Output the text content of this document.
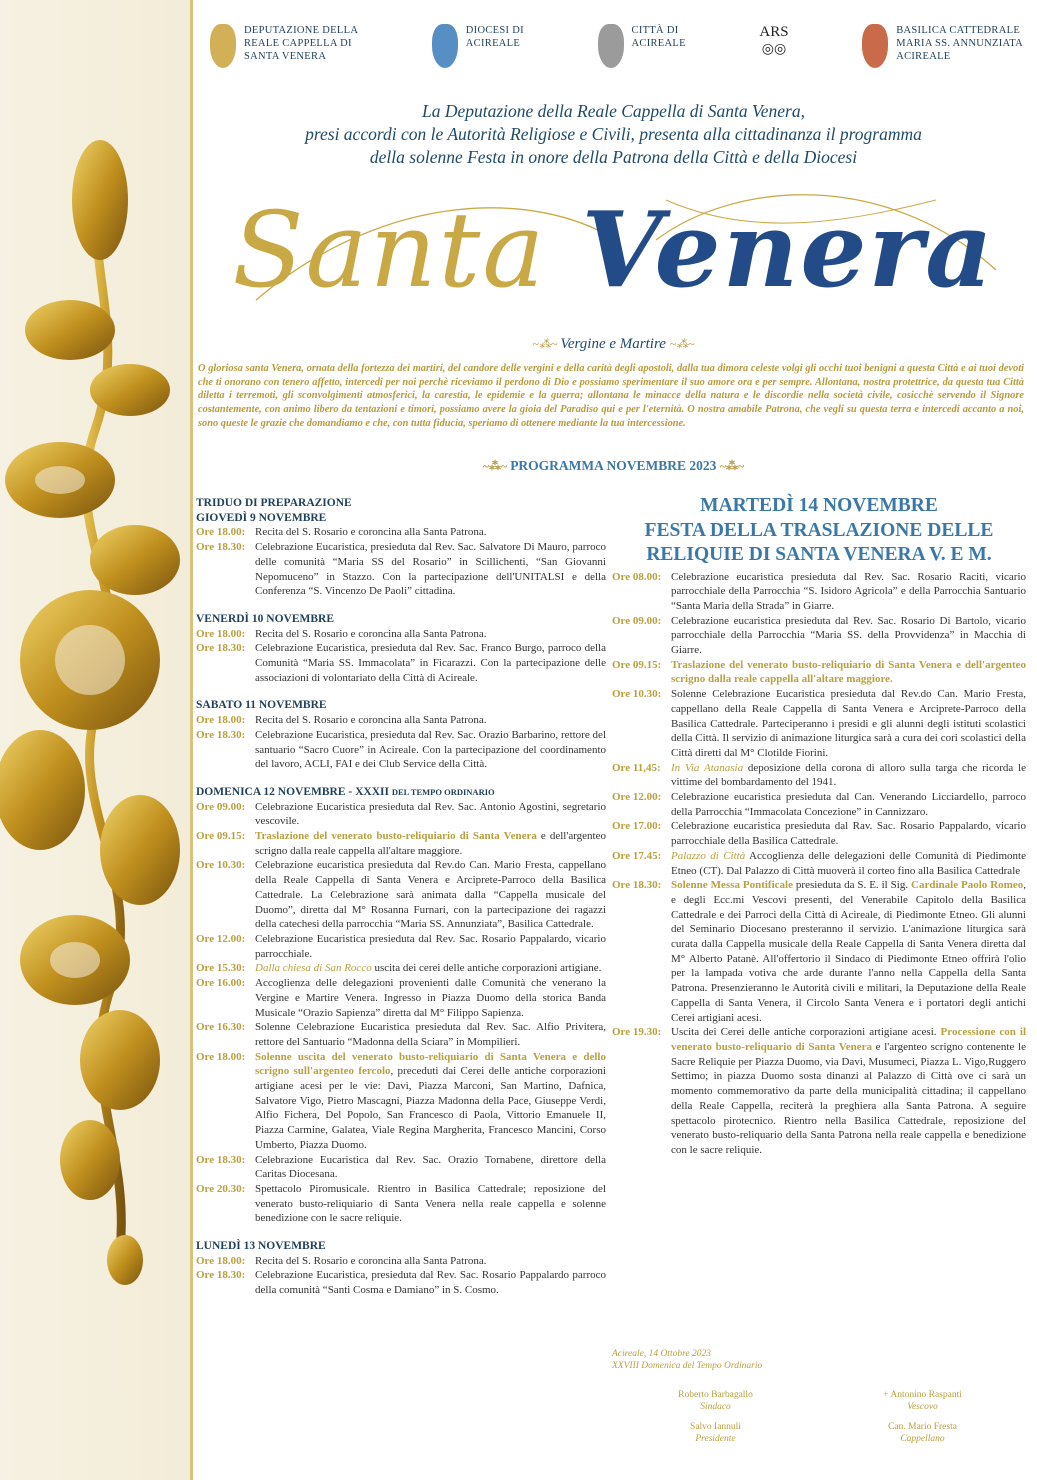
DEPUTAZIONE DELLA
REALE CAPPELLA DI
SANTA VENERA
DIOCESI DI
ACIREALE
CITTÀ DI
ACIREALE
ARS
◎◎
BASILICA CATTEDRALE
MARIA SS. ANNUNZIATA
ACIREALE
La Deputazione della Reale Cappella di Santa Venera,
presi accordi con le Autorità Religiose e Civili, presenta alla cittadinanza il programma
della solenne Festa in onore della Patrona della Città e della Diocesi
Santa Venera
~⁂~ Vergine e Martire ~⁂~
O gloriosa santa Venera, ornata della fortezza dei martiri, del candore delle vergini e della carità degli apostoli, dalla tua dimora celeste volgi gli occhi tuoi benigni a questa Città e ai tuoi devoti che ti onorano con tenero affetto, intercedi per noi perchè riceviamo il perdono di Dio e possiamo sperimentare il suo amore ora e per sempre. Allontana, nostra protettrice, da questa tua Città diletta i terremoti, gli sconvolgimenti atmosferici, la carestia, le epidemie e la guerra; allontana le minacce della natura e le discordie nella società civile, cosicchè servendo il Signore costantemente, con animo libero da tentazioni e timori, possiamo avere la gioia del Paradiso qui e per l'eternità. O nostra amabile Patrona, che vegli su questa terra e intercedi accanto a noi, sono queste le grazie che domandiamo e che, con tutta fiducia, speriamo di ottenere mediante la tua intercessione.
~⁂~ PROGRAMMA NOVEMBRE 2023 ~⁂~
TRIDUO DI PREPARAZIONE
GIOVEDÌ 9 NOVEMBRE
Ore 18.00: Recita del S. Rosario e coroncina alla Santa Patrona.
Ore 18.30: Celebrazione Eucaristica, presieduta dal Rev. Sac. Salvatore Di Mauro, parroco delle comunità “Maria SS del Rosario” in Scillichenti, “San Giovanni Nepomuceno” in Stazzo. Con la partecipazione dell'UNITALSI e della Conferenza “S. Vincenzo De Paoli” cittadina.
VENERDÌ 10 NOVEMBRE
Ore 18.00: Recita del S. Rosario e coroncina alla Santa Patrona.
Ore 18.30: Celebrazione Eucaristica, presieduta dal Rev. Sac. Franco Burgo, parroco della Comunità “Maria SS. Immacolata” in Ficarazzi. Con la partecipazione delle associazioni di volontariato della Città di Acireale.
SABATO 11 NOVEMBRE
Ore 18.00: Recita del S. Rosario e coroncina alla Santa Patrona.
Ore 18.30: Celebrazione Eucaristica, presieduta dal Rev. Sac. Orazio Barbarino, rettore del santuario “Sacro Cuore” in Acireale. Con la partecipazione del coordinamento del lavoro, ACLI, FAI e dei Club Service della Città.
DOMENICA 12 NOVEMBRE - XXXII DEL TEMPO ORDINARIO
Ore 09.00: Celebrazione Eucaristica presieduta dal Rev. Sac. Antonio Agostini, segretario vescovile.
Ore 09.15: Traslazione del venerato busto-reliquiario di Santa Venera e dell'argenteo scrigno dalla reale cappella all'altare maggiore.
Ore 10.30: Celebrazione eucaristica presieduta dal Rev.do Can. Mario Fresta, cappellano della Reale Cappella di Santa Venera e Arciprete-Parroco della Basilica Cattedrale. La Celebrazione sarà animata dalla “Cappella musicale del Duomo”, diretta dal M° Rosanna Furnari, con la partecipazione dei ragazzi della catechesi della parrocchia “Maria SS. Annunziata”, Basilica Cattedrale.
Ore 12.00: Celebrazione Eucaristica presieduta dal Rev. Sac. Rosario Pappalardo, vicario parrocchiale.
Ore 15.30: Dalla chiesa di San Rocco uscita dei cerei delle antiche corporazioni artigiane.
Ore 16.00: Accoglienza delle delegazioni provenienti dalle Comunità che venerano la Vergine e Martire Venera. Ingresso in Piazza Duomo della storica Banda Musicale “Orazio Sapienza” diretta dal M° Filippo Sapienza.
Ore 16.30: Solenne Celebrazione Eucaristica presieduta dal Rev. Sac. Alfio Privitera, rettore del Santuario “Madonna della Sciara” in Mompilieri.
Ore 18.00: Solenne uscita del venerato busto-reliquiario di Santa Venera e dello scrigno sull'argenteo fercolo, preceduti dai Cerei delle antiche corporazioni artigiane acesi per le vie: Davì, Piazza Marconi, San Martino, Dafnica, Salvatore Vigo, Pietro Mascagni, Piazza Madonna della Pace, Giuseppe Verdi, Alfio Fichera, Del Popolo, San Francesco di Paola, Vittorio Emanuele II, Piazza Carmine, Galatea, Viale Regina Margherita, Francesco Mancini, Corso Umberto, Piazza Duomo.
Ore 18.30: Celebrazione Eucaristica dal Rev. Sac. Orazio Tornabene, direttore della Caritas Diocesana.
Ore 20.30: Spettacolo Piromusicale. Rientro in Basilica Cattedrale; reposizione del venerato busto-reliquiario di Santa Venera nella reale cappella e solenne benedizione con le sacre reliquie.
LUNEDÌ 13 NOVEMBRE
Ore 18.00: Recita del S. Rosario e coroncina alla Santa Patrona.
Ore 18.30: Celebrazione Eucaristica, presieduta dal Rev. Sac. Rosario Pappalardo parroco della comunità “Santi Cosma e Damiano” in S. Cosmo.
MARTEDÌ 14 NOVEMBRE
FESTA DELLA TRASLAZIONE DELLE
RELIQUIE DI SANTA VENERA V. E M.
Ore 08.00: Celebrazione eucaristica presieduta dal Rev. Sac. Rosario Raciti, vicario parrocchiale della Parrocchia “S. Isidoro Agricola” e della Parrocchia Santuario “Santa Maria della Strada” in Giarre.
Ore 09.00: Celebrazione eucaristica presieduta dal Rev. Sac. Rosario Di Bartolo, vicario parrocchiale della Parrocchia “Maria SS. della Provvidenza” in Macchia di Giarre.
Ore 09.15: Traslazione del venerato busto-reliquiario di Santa Venera e dell'argenteo scrigno dalla reale cappella all'altare maggiore.
Ore 10.30: Solenne Celebrazione Eucaristica presieduta dal Rev.do Can. Mario Fresta, cappellano della Reale Cappella di Santa Venera e Arciprete-Parroco della Basilica Cattedrale. Parteciperanno i presidi e gli alunni degli istituti scolastici della Città. Il servizio di animazione liturgica sarà a cura dei cori scolastici della Città diretti dal M° Clotilde Fiorini.
Ore 11,45: In Via Atanasia deposizione della corona di alloro sulla targa che ricorda le vittime del bombardamento del 1941.
Ore 12.00: Celebrazione eucaristica presieduta dal Can. Venerando Licciardello, parroco della Parrocchia “Immacolata Concezione” in Cannizzaro.
Ore 17.00: Celebrazione eucaristica presieduta dal Rav. Sac. Rosario Pappalardo, vicario parrocchiale della Basilica Cattedrale.
Ore 17.45: Palazzo di Città Accoglienza delle delegazioni delle Comunità di Piedimonte Etneo (CT). Dal Palazzo di Città muoverà il corteo fino alla Basilica Cattedrale
Ore 18.30: Solenne Messa Pontificale presieduta da S. E. il Sig. Cardinale Paolo Romeo, e degli Ecc.mi Vescovi presenti, del Venerabile Capitolo della Basilica Cattedrale e dei Parroci della Città di Acireale, di Piedimonte Etneo. Gli alunni del Seminario Diocesano presteranno il servizio. L'animazione liturgica sarà curata dalla Cappella musicale della Reale Cappella di Santa Venera diretta dal M° Alberto Patanè. All'offertorio il Sindaco di Piedimonte Etneo offrirà l'olio per la lampada votiva che arde durante l'anno nella Cappella della Santa Patrona. Presenzieranno le Autorità civili e militari, la Deputazione della Reale Cappella di Santa Venera, il Circolo Santa Venera e i portatori degli antichi Cerei artigiani acesi.
Ore 19.30: Uscita dei Cerei delle antiche corporazioni artigiane acesi. Processione con il venerato busto-reliquario di Santa Venera e l'argenteo scrigno contenente le Sacre Reliquie per Piazza Duomo, via Davì, Musumeci, Piazza L. Vigo,Ruggero Settimo; in piazza Duomo sosta dinanzi al Palazzo di Città ove ci sarà un momento commemorativo da parte della municipalità cittadina; il cappellano della Reale Cappella, reciterà la preghiera alla Santa Patrona. A seguire spettacolo pirotecnico. Rientro nella Basilica Cattedrale, reposizione del venerato busto-reliquario della Santa Patrona nella reale cappella e benedizione con le sacre reliquie.
Acireale, 14 Ottobre 2023
XXVIII Domenica del Tempo Ordinario
Roberto Barbagallo
Sindaco
+ Antonino Raspanti
Vescovo
Salvo Iannuli
Presidente
Can. Mario Fresta
Cappellano
